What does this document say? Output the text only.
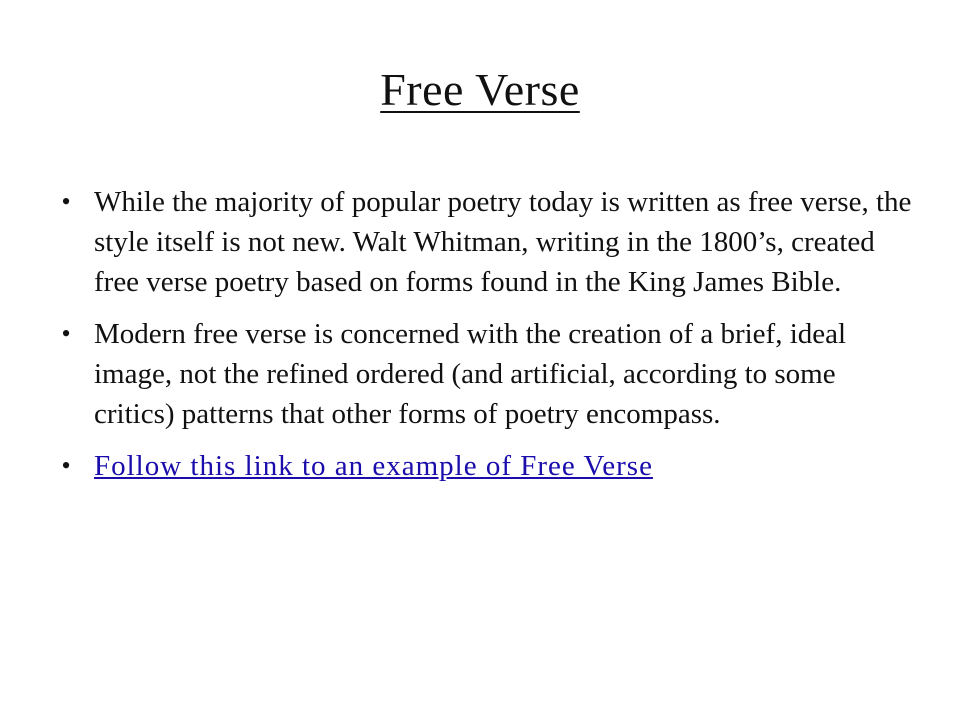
Free Verse
• While the majority of popular poetry today is written as free verse, the style itself is not new. Walt Whitman, writing in the 1800’s, created free verse poetry based on forms found in the King James Bible.
• Modern free verse is concerned with the creation of a brief, ideal image, not the refined ordered (and artificial, according to some critics) patterns that other forms of poetry encompass.
• Follow this link to an example of Free Verse
